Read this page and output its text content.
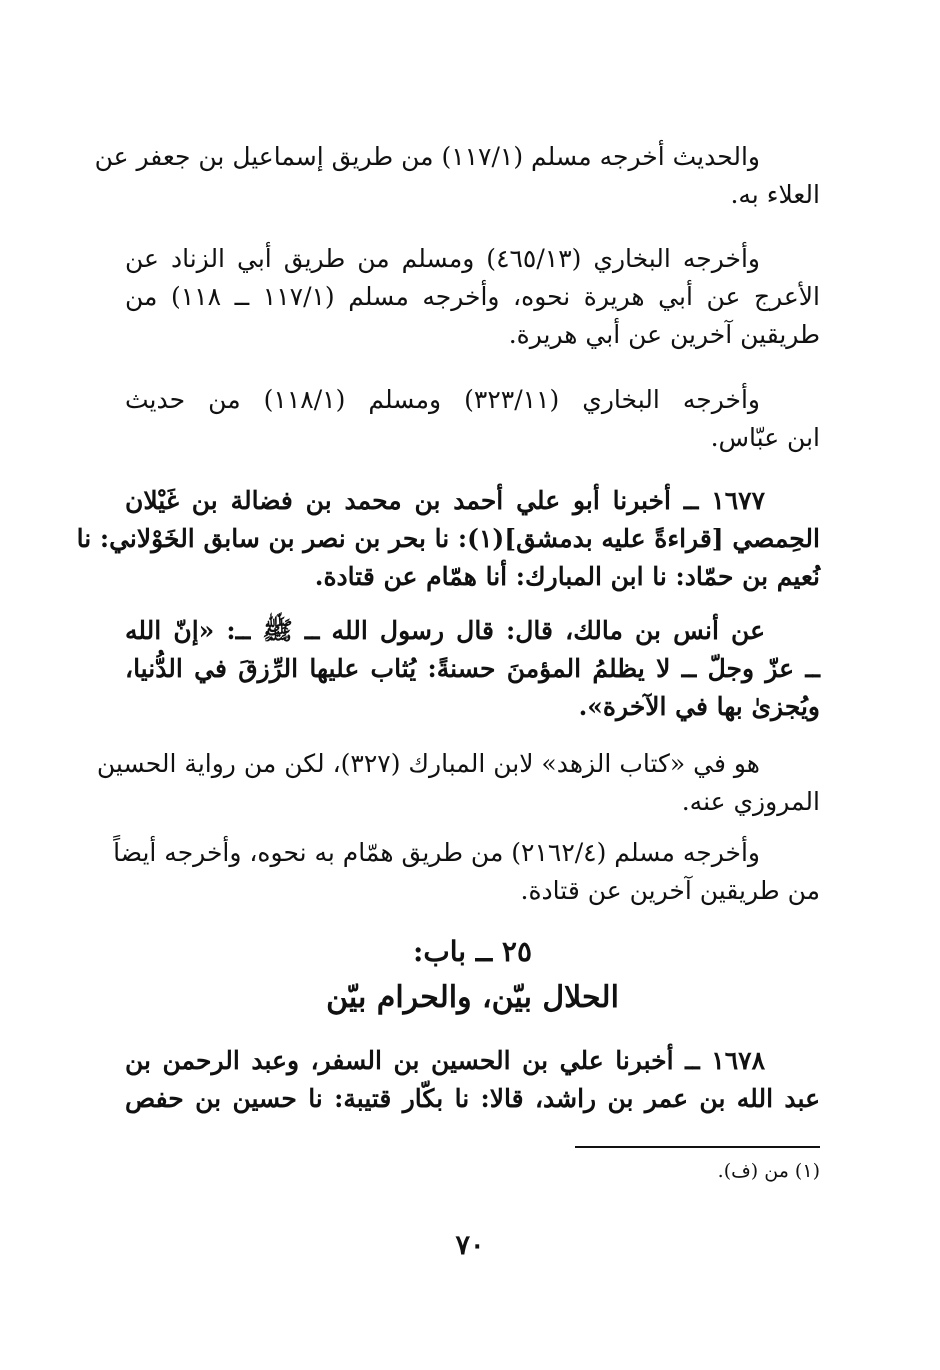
والحديث أخرجه مسلم (١١٧/١) من طريق إسماعيل بن جعفر عن
العلاء به.
وأخرجه البخاري (٤٦٥/١٣) ومسلم من طريق أبي الزناد عن
الأعرج عن أبي هريرة نحوه، وأخرجه مسلم (١١٧/١ ــ ١١٨) من
طريقين آخرين عن أبي هريرة.
وأخرجه البخاري (٣٢٣/١١) ومسلم (١١٨/١) من حديث
ابن عبّاس.
١٦٧٧ ــ أخبرنا أبو علي أحمد بن محمد بن فضالة بن غَيْلان
الحِمصي [قراءةً عليه بدمشق](١): نا بحر بن نصر بن سابق الخَوْلاني: نا
نُعيم بن حمّاد: نا ابن المبارك: أنا همّام عن قتادة.
عن أنس بن مالك، قال: قال رسول الله ــ ﷺ ــ: «إنّ الله
ــ عزّ وجلّ ــ لا يظلمُ المؤمنَ حسنةً: يُثاب عليها الرِّزقَ في الدُّنيا،
ويُجزىٰ بها في الآخرة».
هو في «كتاب الزهد» لابن المبارك (٣٢٧)، لكن من رواية الحسين
المروزي عنه.
وأخرجه مسلم (٢١٦٢/٤) من طريق همّام به نحوه، وأخرجه أيضاً
من طريقين آخرين عن قتادة.
٢٥ ــ باب:
الحلال بيّن، والحرام بيّن
١٦٧٨ ــ أخبرنا علي بن الحسين بن السفر، وعبد الرحمن بن
عبد الله بن عمر بن راشد، قالا: نا بكّار قتيبة: نا حسين بن حفص
(١) من (ف).
٧٠
